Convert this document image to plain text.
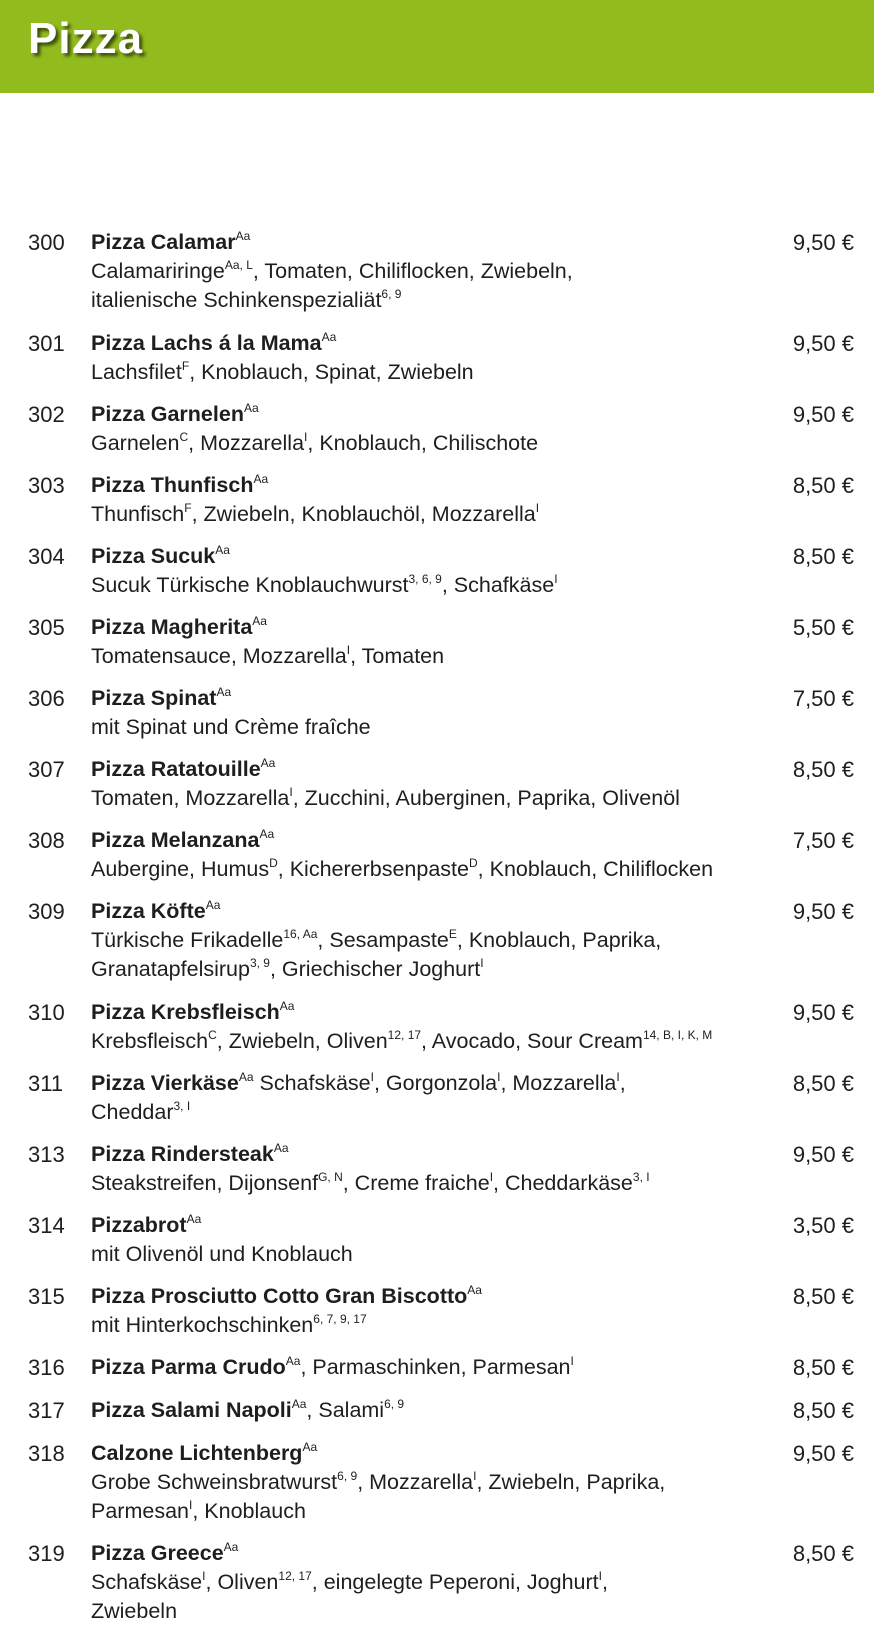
Pizza
300 Pizza Calamar$^{Aa}$
Calamariringe$^{Aa, L}$, Tomaten, Chiliflocken, Zwiebeln,
italienische Schinkenspezialiät$^{6, 9}$
9,50 €
301 Pizza Lachs á la Mama$^{Aa}$
Lachsfilet$^F$, Knoblauch, Spinat, Zwiebeln
9,50 €
302 Pizza Garnelen$^{Aa}$
Garnelen$^C$, Mozzarella$^I$, Knoblauch, Chilischote
9,50 €
303 Pizza Thunfisch$^{Aa}$
Thunfisch$^F$, Zwiebeln, Knoblauchöl, Mozzarella$^I$
8,50 €
304 Pizza Sucuk$^{Aa}$
Sucuk Türkische Knoblauchwurst$^{3, 6, 9}$, Schafkäse$^I$
8,50 €
305 Pizza Magherita$^{Aa}$
Tomatensauce, Mozzarella$^I$, Tomaten
5,50 €
306 Pizza Spinat$^{Aa}$
mit Spinat und Crème fraîche
7,50 €
307 Pizza Ratatouille$^{Aa}$
Tomaten, Mozzarella$^I$, Zucchini, Auberginen, Paprika, Olivenöl
8,50 €
308 Pizza Melanzana$^{Aa}$
Aubergine, Humus$^D$, Kichererbsenpaste$^D$, Knoblauch, Chiliflocken
7,50 €
309 Pizza Köfte$^{Aa}$
Türkische Frikadelle$^{16, Aa}$, Sesampaste$^E$, Knoblauch, Paprika,
Granatapfelsirup$^{3, 9}$, Griechischer Joghurt$^I$
9,50 €
310 Pizza Krebsfleisch$^{Aa}$
Krebsfleisch$^C$, Zwiebeln, Oliven$^{12, 17}$, Avocado, Sour Cream$^{14, B, I, K, M}$
9,50 €
311 Pizza Vierkäse$^{Aa}$ Schafskäse$^I$, Gorgonzola$^I$, Mozzarella$^I$,
Cheddar$^{3, I}$
8,50 €
313 Pizza Rindersteak$^{Aa}$
Steakstreifen, Dijonsenf$^{G, N}$, Creme fraiche$^I$, Cheddarkäse$^{3, I}$
9,50 €
314 Pizzabrot$^{Aa}$
mit Olivenöl und Knoblauch
3,50 €
315 Pizza Prosciutto Cotto Gran Biscotto$^{Aa}$
mit Hinterkochschinken$^{6, 7, 9, 17}$
8,50 €
316 Pizza Parma Crudo$^{Aa}$, Parmaschinken, Parmesan$^I$	8,50 €
317 Pizza Salami Napoli$^{Aa}$, Salami$^{6, 9}$	8,50 €
318 Calzone Lichtenberg$^{Aa}$
Grobe Schweinsbratwurst$^{6, 9}$, Mozzarella$^I$, Zwiebeln, Paprika,
Parmesan$^I$, Knoblauch
9,50 €
319 Pizza Greece$^{Aa}$
Schafskäse$^I$, Oliven$^{12, 17}$, eingelegte Peperoni, Joghurt$^I$,
Zwiebeln
8,50 €
